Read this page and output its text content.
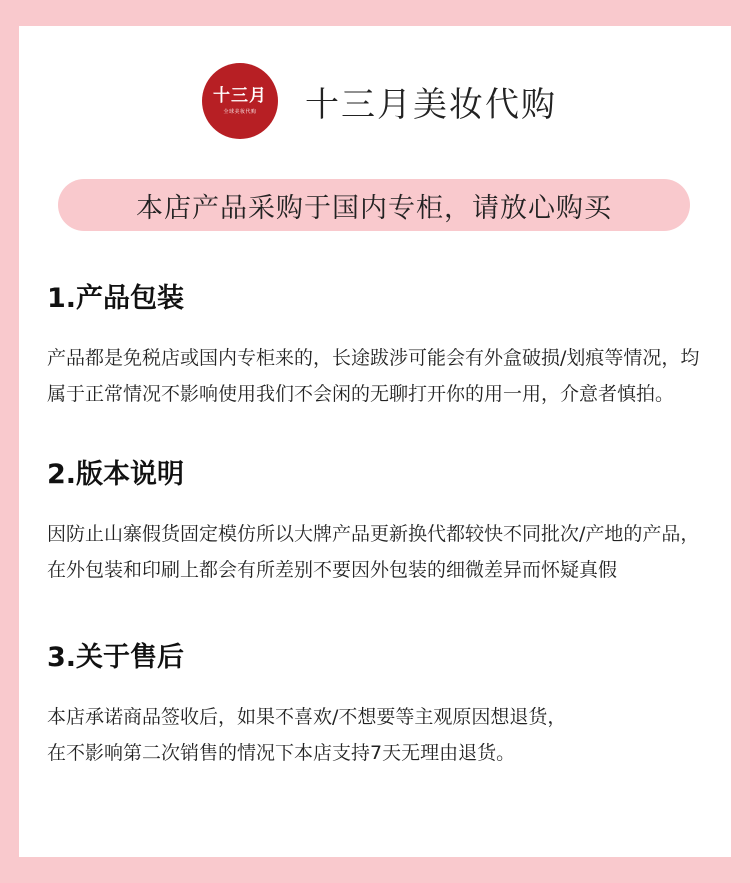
十三月
全球美妆代购 十三月美妆代购
本店产品采购于国内专柜，请放心购买
1.产品包装

产品都是免税店或国内专柜来的，长途跋涉可能会有外盒破损/划痕等情况，均属于正常情况不影响使用我们不会闲的无聊打开你的用一用，介意者慎拍。

2.版本说明

因防止山寨假货固定模仿所以大牌产品更新换代都较快不同批次/产地的产品，在外包装和印刷上都会有所差别不要因外包装的细微差异而怀疑真假

3.关于售后

本店承诺商品签收后，如果不喜欢/不想要等主观原因想退货，
在不影响第二次销售的情况下本店支持7天无理由退货。
